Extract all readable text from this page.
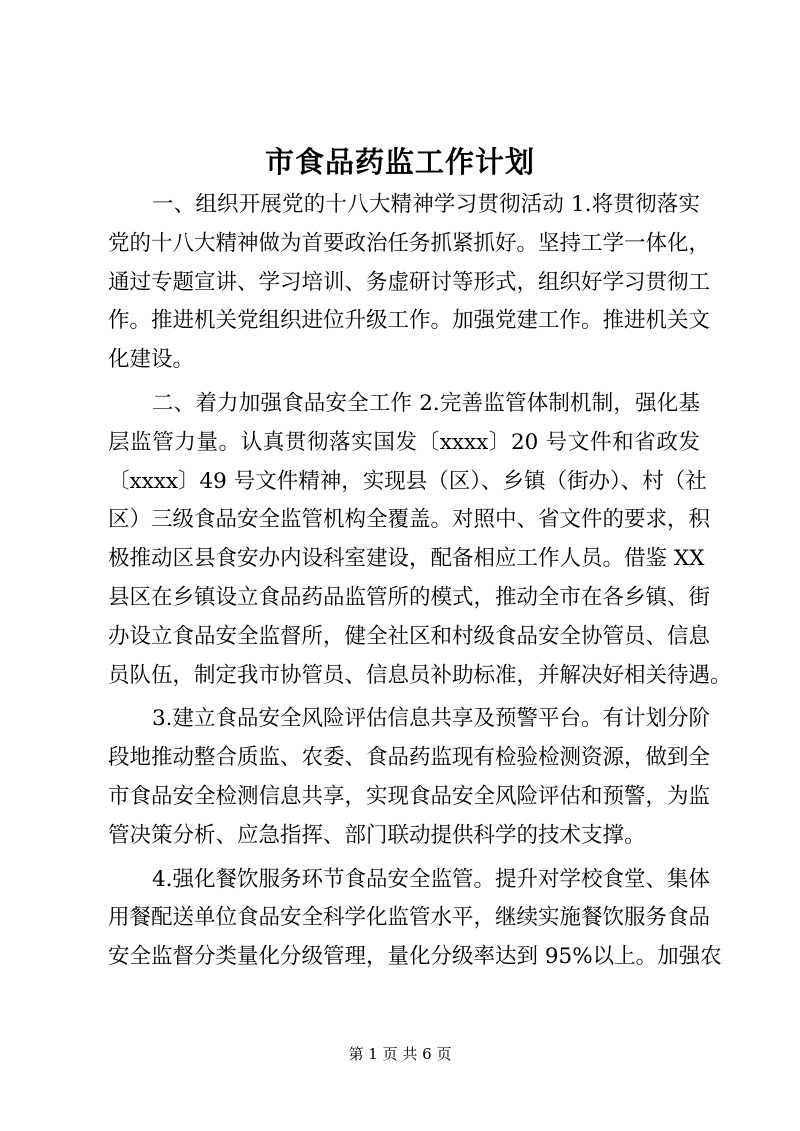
市食品药监工作计划
一、组织开展党的十八大精神学习贯彻活动 1.将贯彻落实
党的十八大精神做为首要政治任务抓紧抓好。坚持工学一体化，
通过专题宣讲、学习培训、务虚研讨等形式，组织好学习贯彻工
作。推进机关党组织进位升级工作。加强党建工作。推进机关文
化建设。
二、着力加强食品安全工作 2.完善监管体制机制，强化基
层监管力量。认真贯彻落实国发〔xxxx〕20 号文件和省政发
〔xxxx〕49 号文件精神，实现县（区）、乡镇（街办）、村（社
区）三级食品安全监管机构全覆盖。对照中、省文件的要求，积
极推动区县食安办内设科室建设，配备相应工作人员。借鉴 XX
县区在乡镇设立食品药品监管所的模式，推动全市在各乡镇、街
办设立食品安全监督所，健全社区和村级食品安全协管员、信息
员队伍，制定我市协管员、信息员补助标准，并解决好相关待遇。
3.建立食品安全风险评估信息共享及预警平台。有计划分阶
段地推动整合质监、农委、食品药监现有检验检测资源，做到全
市食品安全检测信息共享，实现食品安全风险评估和预警，为监
管决策分析、应急指挥、部门联动提供科学的技术支撑。
4.强化餐饮服务环节食品安全监管。提升对学校食堂、集体
用餐配送单位食品安全科学化监管水平，继续实施餐饮服务食品
安全监督分类量化分级管理，量化分级率达到 95%以上。加强农
第 1 页 共 6 页
